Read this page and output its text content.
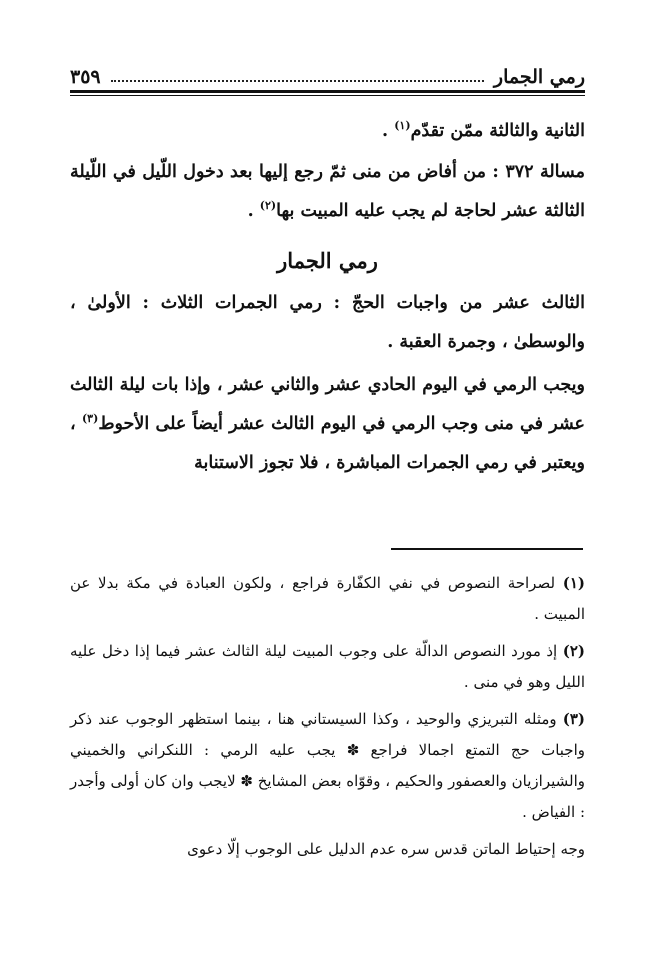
رمي الجمار
٣٥٩

الثانية والثالثة ممّن تقدّم$^{(١)}$ .

مسالة ٣٧٢ : من أفاض من منى ثمّ رجع إليها بعد دخول اللّيل في اللّيلة الثالثة عشر لحاجة لم يجب عليه المبيت بها$^{(٢)}$ .

رمي الجمار

الثالث عشر من واجبات الحجّ : رمي الجمرات الثلاث : الأولىٰ ، والوسطىٰ ، وجمرة العقبة .

ويجب الرمي في اليوم الحادي عشر والثاني عشر ، وإذا بات ليلة الثالث عشر في منى وجب الرمي في اليوم الثالث عشر أيضاً على الأحوط$^{(٣)}$ ، ويعتبر في رمي الجمرات المباشرة ، فلا تجوز الاستنابة

(١) لصراحة النصوص في نفي الكفّارة فراجع ، ولكون العبادة في مكة بدلا عن المبيت .

(٢) إذ مورد النصوص الدالّة على وجوب المبيت ليلة الثالث عشر فيما إذا دخل عليه الليل وهو في منى .

(٣) ومثله التبريزي والوحيد ، وكذا السيستاني هنا ، بينما استظهر الوجوب عند ذكر واجبات حج التمتع اجمالا فراجع ✽ يجب عليه الرمي : اللنكراني والخميني والشيرازيان والعصفور والحكيم ، وقوّاه بعض المشايخ ✽ لايجب وان كان أولى وأجدر : الفياض .

وجه إحتياط الماتن قدس سره عدم الدليل على الوجوب إلّا دعوى
